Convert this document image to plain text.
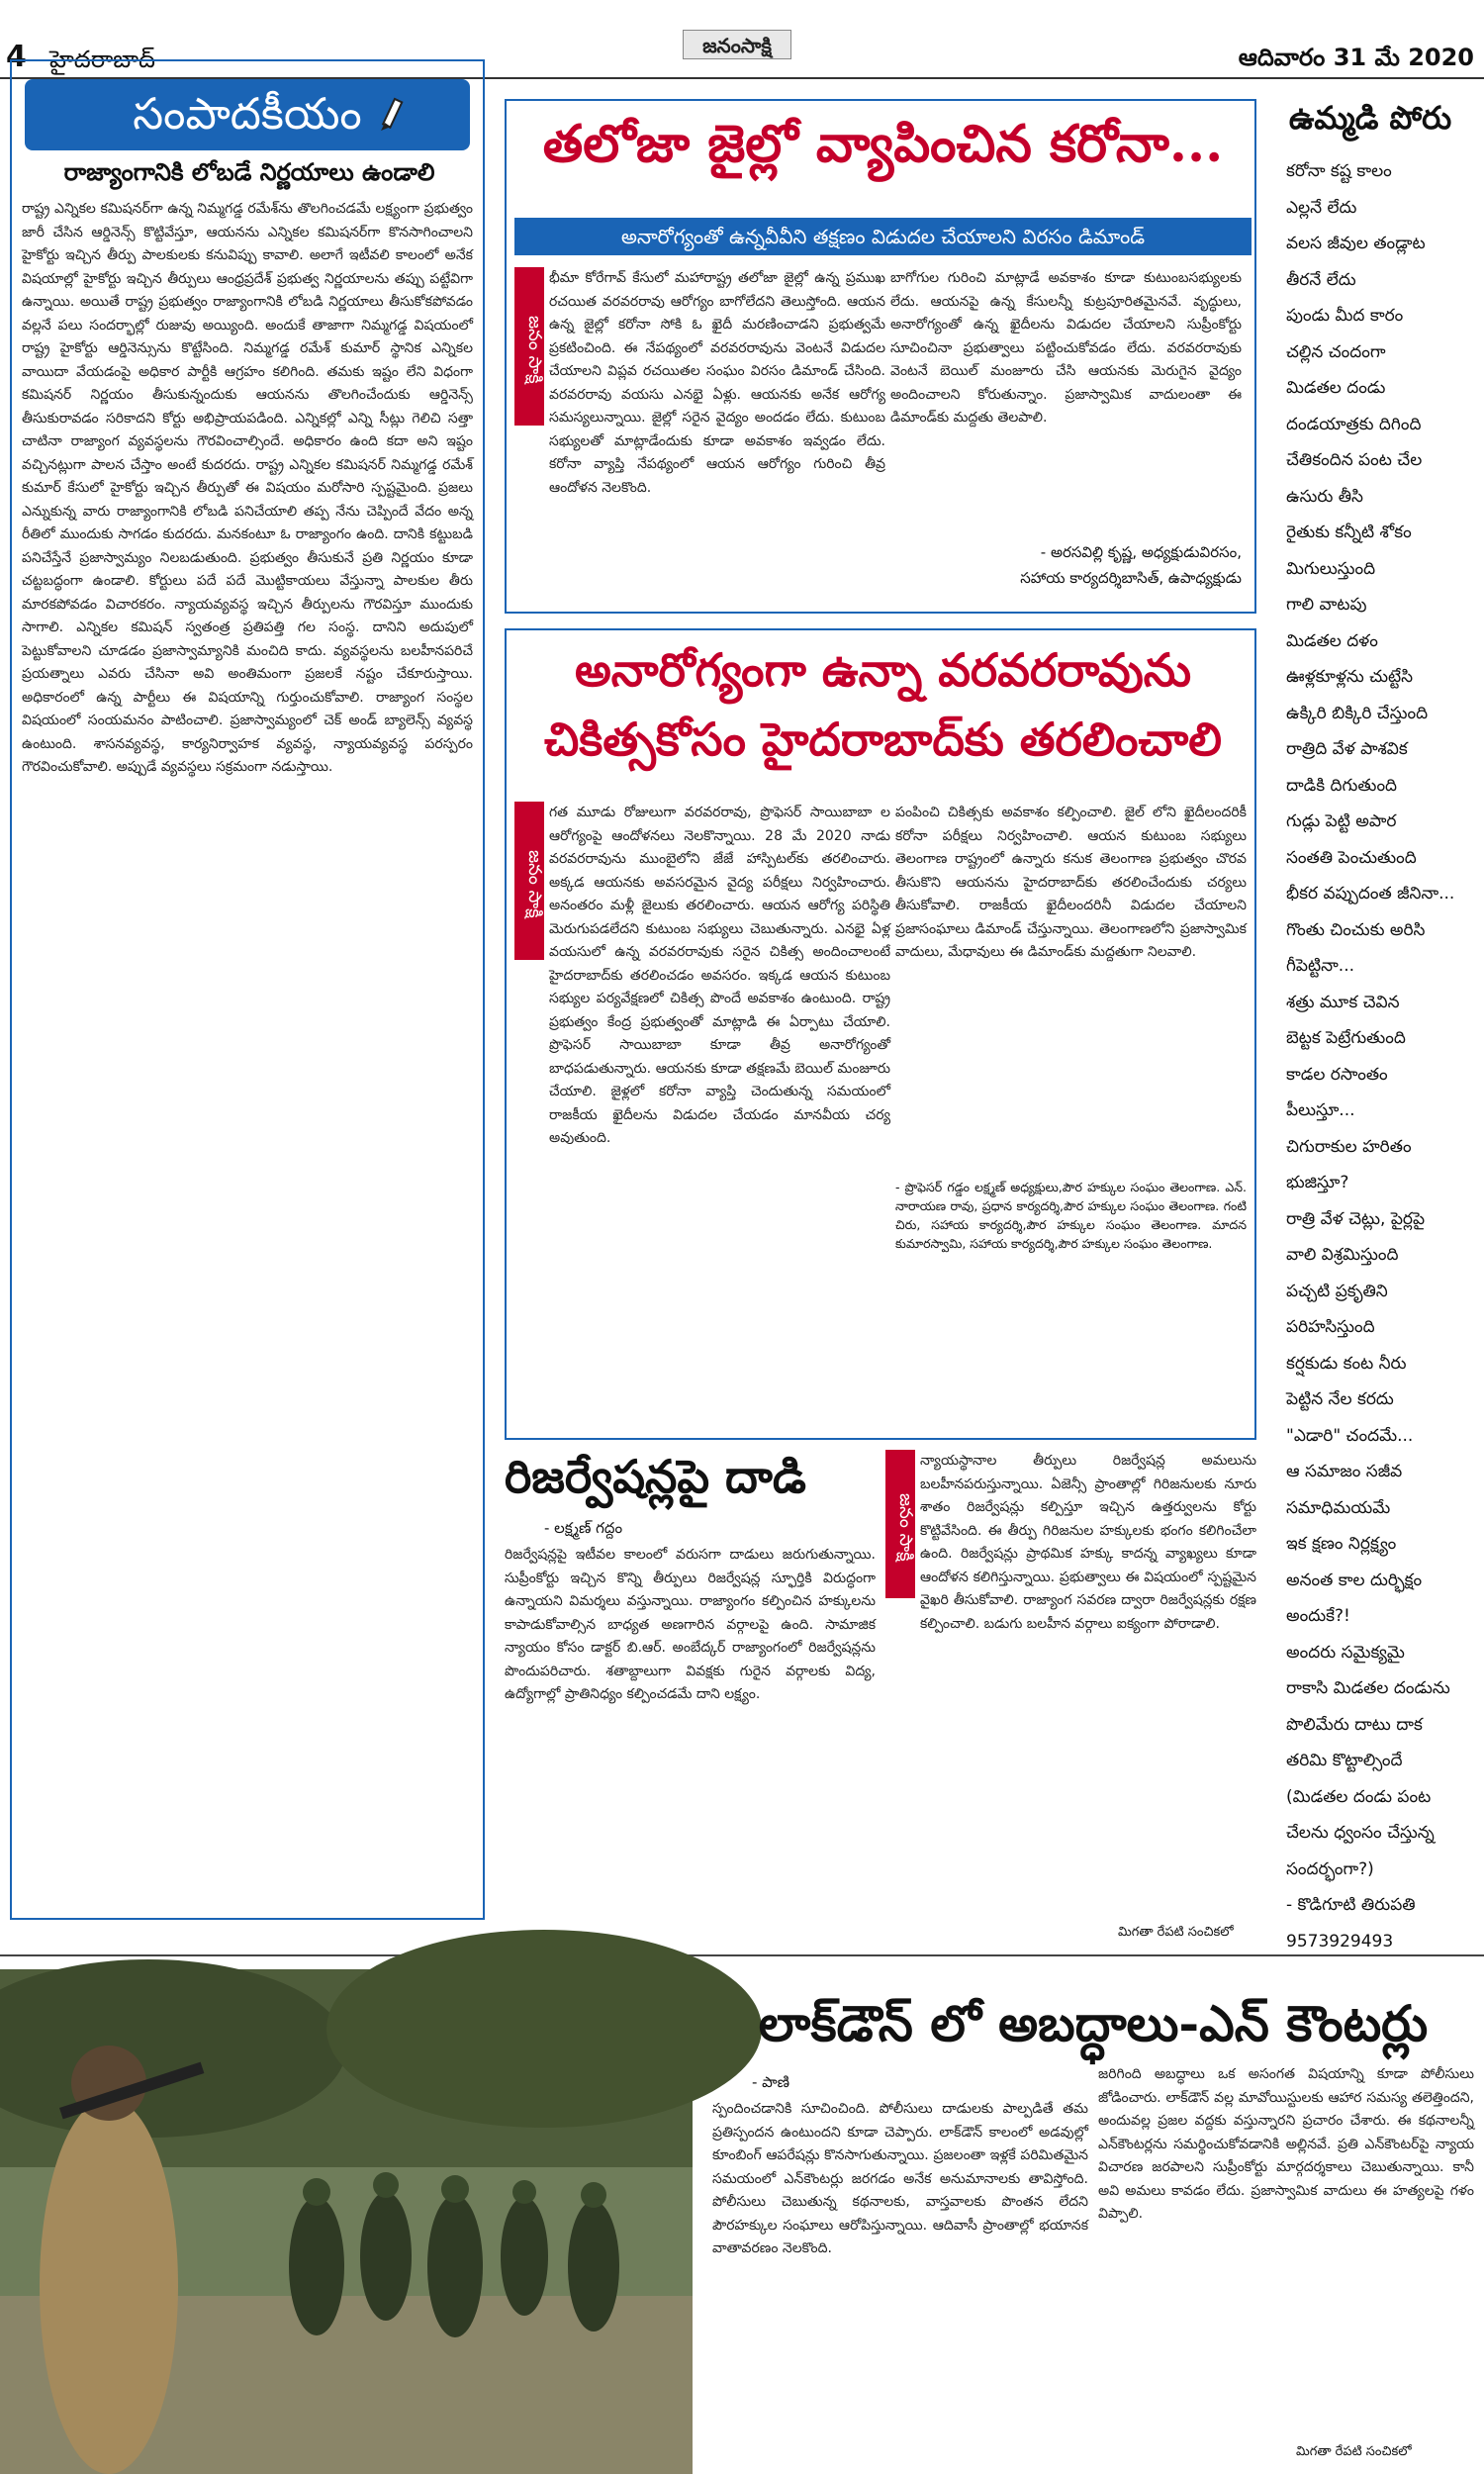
4 హైదరాబాద్	జనంసాక్షి	ఆదివారం 31 మే 2020
సంపాదకీయం
రాజ్యాంగానికి లోబడే నిర్ణయాలు ఉండాలి
రాష్ట్ర ఎన్నికల కమిషనర్‌గా ఉన్న నిమ్మగడ్డ రమేశ్‌ను తొలగించడమే లక్ష్యంగా ప్రభుత్వం జారీ చేసిన ఆర్డినెన్స్‌ కొట్టివేస్తూ, ఆయనను ఎన్నికల కమిషనర్‌గా కొనసాగించాలని హైకోర్టు ఇచ్చిన తీర్పు పాలకులకు కనువిప్పు కావాలి. అలాగే ఇటీవలి కాలంలో అనేక విషయాల్లో హైకోర్టు ఇచ్చిన తీర్పులు ఆంధ్రప్రదేశ్‌ ప్రభుత్వ నిర్ణయాలను తప్పు పట్టేవిగా ఉన్నాయి. అయితే రాష్ట్ర ప్రభుత్వం రాజ్యాంగానికి లోబడి నిర్ణయాలు తీసుకోకపోవడం వల్లనే పలు సందర్భాల్లో రుజువు అయ్యింది. అందుకే తాజాగా నిమ్మగడ్డ విషయంలో రాష్ట్ర హైకోర్టు ఆర్డినెన్సును కొట్టేసింది. నిమ్మగడ్డ రమేశ్‌ కుమార్‌ స్థానిక ఎన్నికల వాయిదా వేయడంపై అధికార పార్టీకి ఆగ్రహం కలిగింది. తమకు ఇష్టం లేని విధంగా కమిషనర్ నిర్ణయం తీసుకున్నందుకు ఆయనను తొలగించేందుకు ఆర్డినెన్స్ తీసుకురావడం సరికాదని కోర్టు అభిప్రాయపడింది. ఎన్నికల్లో ఎన్ని సీట్లు గెలిచి సత్తా చాటినా రాజ్యాంగ వ్యవస్థలను గౌరవించాల్సిందే. అధికారం ఉంది కదా అని ఇష్టం వచ్చినట్లుగా పాలన చేస్తాం అంటే కుదరదు. రాష్ట్ర ఎన్నికల కమిషనర్ నిమ్మగడ్డ రమేశ్ కుమార్ కేసులో హైకోర్టు ఇచ్చిన తీర్పుతో ఈ విషయం మరోసారి స్పష్టమైంది. ప్రజలు ఎన్నుకున్న వారు రాజ్యాంగానికి లోబడి పనిచేయాలి తప్ప నేను చెప్పిందే వేదం అన్న రీతిలో ముందుకు సాగడం కుదరదు. మనకంటూ ఓ రాజ్యాంగం ఉంది. దానికి కట్టుబడి పనిచేస్తేనే ప్రజాస్వామ్యం నిలబడుతుంది. ప్రభుత్వం తీసుకునే ప్రతి నిర్ణయం కూడా చట్టబద్ధంగా ఉండాలి. కోర్టులు పదే పదే మొట్టికాయలు వేస్తున్నా పాలకుల తీరు మారకపోవడం విచారకరం. న్యాయవ్యవస్థ ఇచ్చిన తీర్పులను గౌరవిస్తూ ముందుకు సాగాలి. ఎన్నికల కమిషన్ స్వతంత్ర ప్రతిపత్తి గల సంస్థ. దానిని అదుపులో పెట్టుకోవాలని చూడడం ప్రజాస్వామ్యానికి మంచిది కాదు. వ్యవస్థలను బలహీనపరిచే ప్రయత్నాలు ఎవరు చేసినా అవి అంతిమంగా ప్రజలకే నష్టం చేకూరుస్తాయి. అధికారంలో ఉన్న పార్టీలు ఈ విషయాన్ని గుర్తుంచుకోవాలి. రాజ్యాంగ సంస్థల విషయంలో సంయమనం పాటించాలి. ప్రజాస్వామ్యంలో చెక్ అండ్ బ్యాలెన్స్ వ్యవస్థ ఉంటుంది. శాసనవ్యవస్థ, కార్యనిర్వాహక వ్యవస్థ, న్యాయవ్యవస్థ పరస్పరం గౌరవించుకోవాలి. అప్పుడే వ్యవస్థలు సక్రమంగా నడుస్తాయి.
తలోజా జైల్లో వ్యాపించిన కరోనా...
అనారోగ్యంతో ఉన్నవీవీని తక్షణం విడుదల చేయాలని విరసం డిమాండ్
జనం సాక్షి
భీమా కోరేగావ్ కేసులో మహారాష్ట్ర తలోజా జైల్లో ఉన్న ప్రముఖ రచయిత వరవరరావు ఆరోగ్యం బాగోలేదని తెలుస్తోంది. ఆయన ఉన్న జైల్లో కరోనా సోకి ఓ ఖైదీ మరణించాడని ప్రభుత్వమే ప్రకటించింది. ఈ నేపథ్యంలో వరవరరావును వెంటనే విడుదల చేయాలని విప్లవ రచయితల సంఘం విరసం డిమాండ్ చేసింది. వరవరరావు వయసు ఎనభై ఏళ్లు. ఆయనకు అనేక ఆరోగ్య సమస్యలున్నాయి. జైల్లో సరైన వైద్యం అందడం లేదు. కుటుంబ సభ్యులతో మాట్లాడేందుకు కూడా అవకాశం ఇవ్వడం లేదు. కరోనా వ్యాప్తి నేపథ్యంలో ఆయన ఆరోగ్యం గురించి తీవ్ర ఆందోళన నెలకొంది.
బాగోగుల గురించి మాట్లాడే అవకాశం కూడా కుటుంబసభ్యులకు లేదు. ఆయనపై ఉన్న కేసులన్నీ కుట్రపూరితమైనవే. వృద్ధులు, అనారోగ్యంతో ఉన్న ఖైదీలను విడుదల చేయాలని సుప్రీంకోర్టు సూచించినా ప్రభుత్వాలు పట్టించుకోవడం లేదు. వరవరరావుకు వెంటనే బెయిల్ మంజూరు చేసి ఆయనకు మెరుగైన వైద్యం అందించాలని కోరుతున్నాం. ప్రజాస్వామిక వాదులంతా ఈ డిమాండ్‌కు మద్దతు తెలపాలి.
- అరసవిల్లి కృష్ణ, అధ్యక్షుడువిరసం,
సహాయ కార్యదర్శిబాసిత్, ఉపాధ్యక్షుడు
అనారోగ్యంగా ఉన్నా వరవరరావును
చికిత్సకోసం హైదరాబాద్‌కు తరలించాలి
జనం సాక్షి
గత మూడు రోజులుగా వరవరరావు, ప్రొఫెసర్ సాయిబాబా ల ఆరోగ్యంపై ఆందోళనలు నెలకొన్నాయి. 28 మే 2020 నాడు వరవరరావును ముంబైలోని జేజే హాస్పిటల్‌కు తరలించారు. అక్కడ ఆయనకు అవసరమైన వైద్య పరీక్షలు నిర్వహించారు. అనంతరం మళ్లీ జైలుకు తరలించారు. ఆయన ఆరోగ్య పరిస్థితి మెరుగుపడలేదని కుటుంబ సభ్యులు చెబుతున్నారు. ఎనభై ఏళ్ల వయసులో ఉన్న వరవరరావుకు సరైన చికిత్స అందించాలంటే హైదరాబాద్‌కు తరలించడం అవసరం. ఇక్కడ ఆయన కుటుంబ సభ్యుల పర్యవేక్షణలో చికిత్స పొందే అవకాశం ఉంటుంది. రాష్ట్ర ప్రభుత్వం కేంద్ర ప్రభుత్వంతో మాట్లాడి ఈ ఏర్పాటు చేయాలి. ప్రొఫెసర్ సాయిబాబా కూడా తీవ్ర అనారోగ్యంతో బాధపడుతున్నారు. ఆయనకు కూడా తక్షణమే బెయిల్ మంజూరు చేయాలి. జైళ్లలో కరోనా వ్యాప్తి చెందుతున్న సమయంలో రాజకీయ ఖైదీలను విడుదల చేయడం మానవీయ చర్య అవుతుంది.
పంపించి చికిత్సకు అవకాశం కల్పించాలి. జైల్ లోని ఖైదీలందరికీ కరోనా పరీక్షలు నిర్వహించాలి. ఆయన కుటుంబ సభ్యులు తెలంగాణ రాష్ట్రంలో ఉన్నారు కనుక తెలంగాణ ప్రభుత్వం చొరవ తీసుకొని ఆయనను హైదరాబాద్‌కు తరలించేందుకు చర్యలు తీసుకోవాలి. రాజకీయ ఖైదీలందరినీ విడుదల చేయాలని ప్రజాసంఘాలు డిమాండ్ చేస్తున్నాయి. తెలంగాణలోని ప్రజాస్వామిక వాదులు, మేధావులు ఈ డిమాండ్‌కు మద్దతుగా నిలవాలి.
- ప్రొఫెసర్ గడ్డం లక్ష్మణ్ అధ్యక్షులు,పౌర హక్కుల సంఘం తెలంగాణ. ఎన్. నారాయణ రావు, ప్రధాన కార్యదర్శి,పౌర హక్కుల సంఘం తెలంగాణ. గంటి చిరు, సహాయ కార్యదర్శి,పౌర హక్కుల సంఘం తెలంగాణ. మాదన కుమారస్వామి, సహాయ కార్యదర్శి,పౌర హక్కుల సంఘం తెలంగాణ.
రిజర్వేషన్లపై దాడి
- లక్ష్మణ్ గద్దం
రిజర్వేషన్లపై ఇటీవల కాలంలో వరుసగా దాడులు జరుగుతున్నాయి. సుప్రీంకోర్టు ఇచ్చిన కొన్ని తీర్పులు రిజర్వేషన్ల స్ఫూర్తికి విరుద్ధంగా ఉన్నాయని విమర్శలు వస్తున్నాయి. రాజ్యాంగం కల్పించిన హక్కులను కాపాడుకోవాల్సిన బాధ్యత అణగారిన వర్గాలపై ఉంది. సామాజిక న్యాయం కోసం డాక్టర్ బి.ఆర్. అంబేద్కర్ రాజ్యాంగంలో రిజర్వేషన్లను పొందుపరిచారు. శతాబ్దాలుగా వివక్షకు గురైన వర్గాలకు విద్య, ఉద్యోగాల్లో ప్రాతినిధ్యం కల్పించడమే దాని లక్ష్యం.
జనం సాక్షి
న్యాయస్థానాల తీర్పులు రిజర్వేషన్ల అమలును బలహీనపరుస్తున్నాయి. ఏజెన్సీ ప్రాంతాల్లో గిరిజనులకు నూరు శాతం రిజర్వేషన్లు కల్పిస్తూ ఇచ్చిన ఉత్తర్వులను కోర్టు కొట్టివేసింది. ఈ తీర్పు గిరిజనుల హక్కులకు భంగం కలిగించేలా ఉంది. రిజర్వేషన్లు ప్రాథమిక హక్కు కాదన్న వ్యాఖ్యలు కూడా ఆందోళన కలిగిస్తున్నాయి. ప్రభుత్వాలు ఈ విషయంలో స్పష్టమైన వైఖరి తీసుకోవాలి. రాజ్యాంగ సవరణ ద్వారా రిజర్వేషన్లకు రక్షణ కల్పించాలి. బడుగు బలహీన వర్గాలు ఐక్యంగా పోరాడాలి.
మిగతా రేపటి సంచికలో
ఉమ్మడి పోరు
కరోనా కష్ట కాలం
ఎల్లనే లేదు
వలస జీవుల తండ్లాట
తీరనే లేదు
పుండు మీద కారం
చల్లిన చందంగా
మిడతల దండు
దండయాత్రకు దిగింది
చేతికందిన పంట చేల
ఉసురు తీసి
రైతుకు కన్నీటి శోకం
మిగులుస్తుంది
గాలి వాటపు
మిడతల దళం
ఊళ్లకూళ్లను చుట్టేసి
ఉక్కిరి బిక్కిరి చేస్తుంది
రాత్రిది వేళ పాశవిక
దాడికి దిగుతుంది
గుడ్లు పెట్టి అపార
సంతతి పెంచుతుంది
భీకర వప్పుదంత జీనినా...
గొంతు చించుకు అరిసి
గీపెట్టినా...
శత్రు మూక చెవిన
బెట్టక పెట్రేగుతుంది
కాడల రసాంతం
పీలుస్తూ...
చిగురాకుల హరితం
భుజిస్తూ?
రాత్రి వేళ చెట్లు, పైర్లపై
వాలి విశ్రమిస్తుంది
పచ్చటి ప్రకృతిని
పరిహసిస్తుంది
కర్షకుడు కంట నీరు
పెట్టిన నేల కరదు
"ఎడారి" చందమే...
ఆ సమాజం సజీవ
సమాధిమయమే
ఇక క్షణం నిర్లక్ష్యం
అనంత కాల దుర్భిక్షం
అందుకే?!
అందరు సమైక్యమై
రాకాసి మిడతల దండును
పొలిమేరు దాటు దాక
తరిమి కొట్టాల్సిందే
(మిడతల దండు పంట
చేలను ధ్వంసం చేస్తున్న
సందర్భంగా?)
- కొడిగూటి తిరుపతి
9573929493
లాక్‌డౌన్ లో అబద్ధాలు-ఎన్ కౌంటర్లు
- పాణి
స్పందించడానికి సూచించింది. పోలీసులు దాడులకు పాల్పడితే తమ ప్రతిస్పందన ఉంటుందని కూడా చెప్పారు. లాక్‌డౌన్ కాలంలో అడవుల్లో కూంబింగ్ ఆపరేషన్లు కొనసాగుతున్నాయి. ప్రజలంతా ఇళ్లకే పరిమితమైన సమయంలో ఎన్‌కౌంటర్లు జరగడం అనేక అనుమానాలకు తావిస్తోంది. పోలీసులు చెబుతున్న కథనాలకు, వాస్తవాలకు పొంతన లేదని పౌరహక్కుల సంఘాలు ఆరోపిస్తున్నాయి. ఆదివాసీ ప్రాంతాల్లో భయానక వాతావరణం నెలకొంది.
జరిగింది అబద్ధాలు ఒక అసంగత విషయాన్ని కూడా పోలీసులు జోడించారు. లాక్‌డౌన్ వల్ల మావోయిస్టులకు ఆహార సమస్య తలెత్తిందని, అందువల్ల ప్రజల వద్దకు వస్తున్నారని ప్రచారం చేశారు. ఈ కథనాలన్నీ ఎన్‌కౌంటర్లను సమర్థించుకోవడానికి అల్లినవే. ప్రతి ఎన్‌కౌంటర్‌పై న్యాయ విచారణ జరపాలని సుప్రీంకోర్టు మార్గదర్శకాలు చెబుతున్నాయి. కానీ అవి అమలు కావడం లేదు. ప్రజాస్వామిక వాదులు ఈ హత్యలపై గళం విప్పాలి.
మిగతా రేపటి సంచికలో
